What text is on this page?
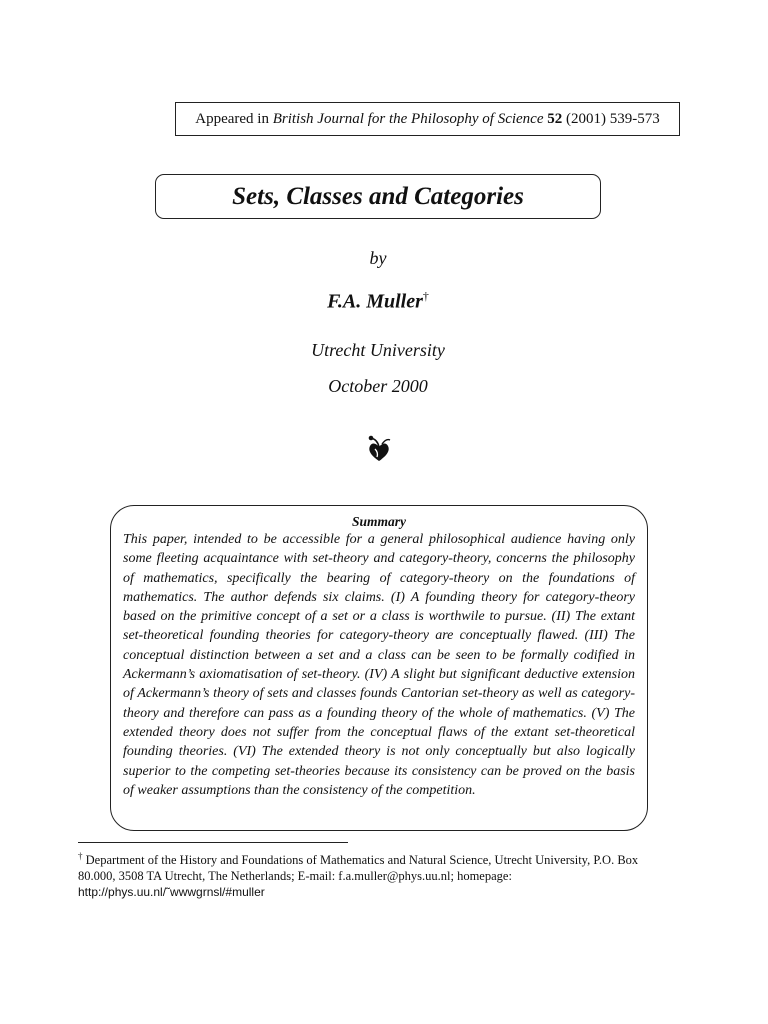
Appeared in
British Journal for the Philosophy of Science
52
(2001) 539-573
Sets, Classes and Categories
by
F.A. Muller†
Utrecht University
October 2000
Summary

This paper, intended to be accessible for a general philosophical audience having only some fleeting acquaintance with set-theory and category-theory, concerns the philosophy of mathematics, specifically the bearing of category-theory on the foundations of mathematics. The author defends six claims. (I) A founding theory for category-theory based on the primitive concept of a set or a class is worthwile to pursue. (II) The extant set-theoretical founding theories for category-theory are conceptually flawed. (III) The conceptual distinction between a set and a class can be seen to be formally codified in Ackermann’s axiomatisation of set-theory. (IV) A slight but significant deductive extension of Ackermann’s theory of sets and classes founds Cantorian set-theory as well as category-theory and therefore can pass as a founding theory of the whole of mathematics. (V) The extended theory does not suffer from the conceptual flaws of the extant set-theoretical founding theories. (VI) The extended theory is not only conceptually but also logically superior to the competing set-theories because its consistency can be proved on the basis of weaker assumptions than the consistency of the competition.

† Department of the History and Foundations of Mathematics and Natural Science, Utrecht University, P.O. Box 80.000, 3508 TA Utrecht, The Netherlands; E-mail: f.a.muller@phys.uu.nl; homepage:
http://phys.uu.nl/˜wwwgrnsl/#muller
